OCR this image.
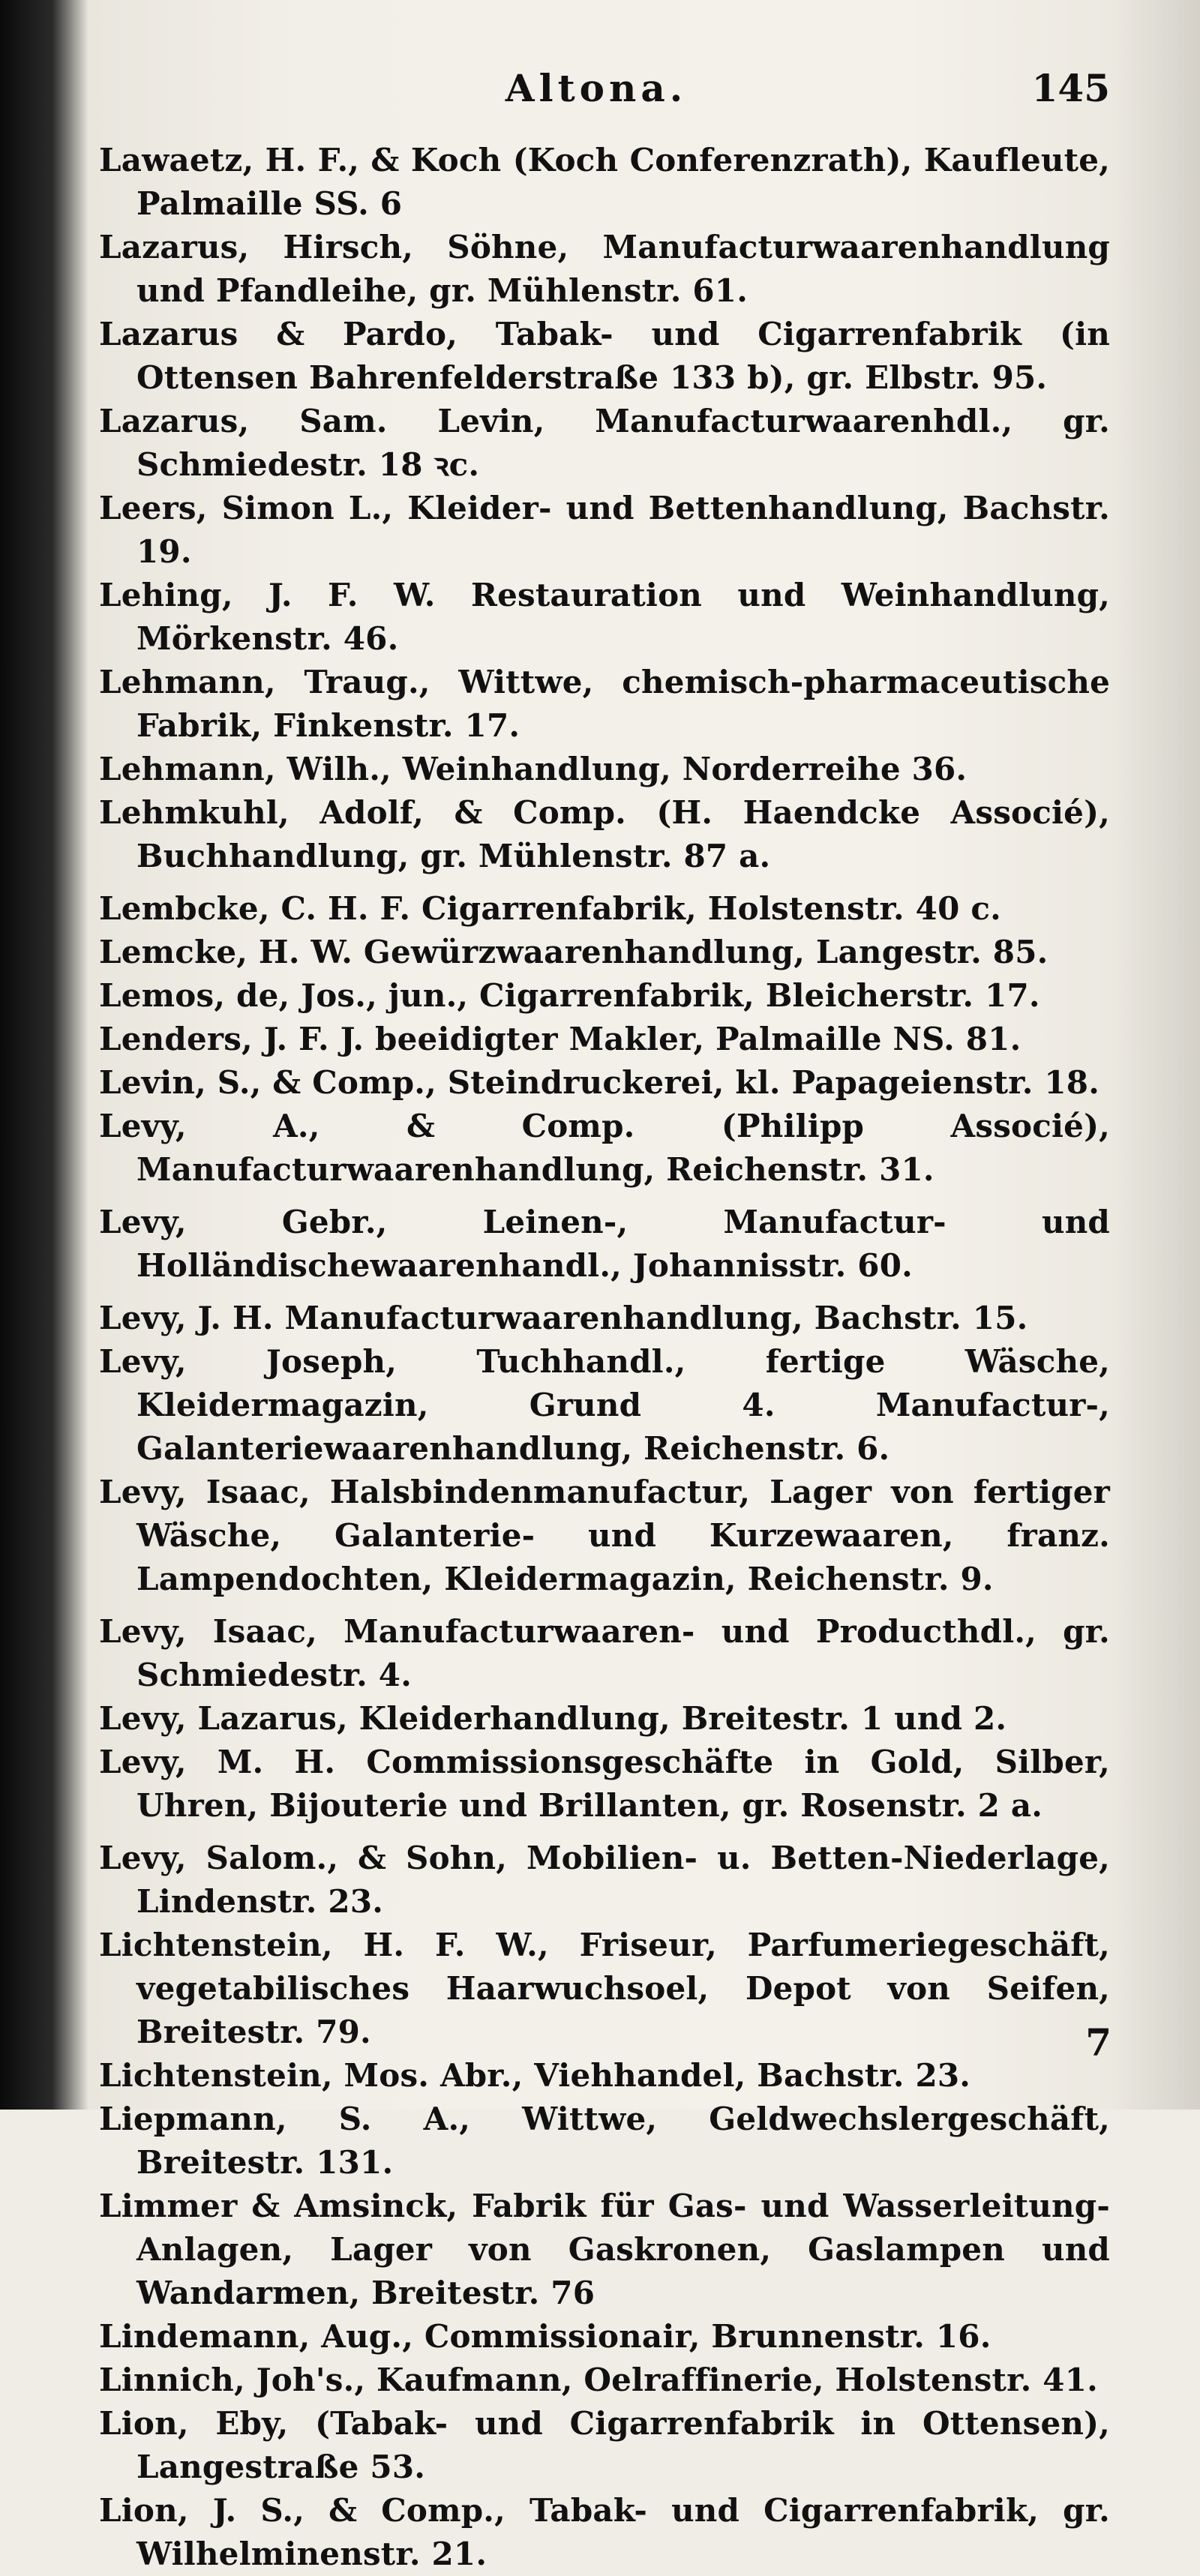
Altona.	145
Lawaetz, H. F., & Koch (Koch Conferenzrath), Kaufleute, Palmaille SS. 6
Lazarus, Hirsch, Söhne, Manufacturwaarenhandlung und Pfandleihe, gr. Mühlenstr. 61.
Lazarus & Pardo, Tabak- und Cigarrenfabrik (in Ottensen Bahrenfelderstraße 133 b), gr. Elbstr. 95.
Lazarus, Sam. Levin, Manufacturwaarenhdl., gr. Schmiedestr. 18 ꝛc.
Leers, Simon L., Kleider- und Bettenhandlung, Bachstr. 19.
Lehing, J. F. W. Restauration und Weinhandlung, Mörkenstr. 46.
Lehmann, Traug., Wittwe, chemisch-pharmaceutische Fabrik, Finkenstr. 17.
Lehmann, Wilh., Weinhandlung, Norderreihe 36.
Lehmkuhl, Adolf, & Comp. (H. Haendcke Associé), Buchhandlung, gr. Mühlenstr. 87 a.
Lembcke, C. H. F. Cigarrenfabrik, Holstenstr. 40 c.
Lemcke, H. W. Gewürzwaarenhandlung, Langestr. 85.
Lemos, de, Jos., jun., Cigarrenfabrik, Bleicherstr. 17.
Lenders, J. F. J. beeidigter Makler, Palmaille NS. 81.
Levin, S., & Comp., Steindruckerei, kl. Papageienstr. 18.
Levy, A., & Comp. (Philipp Associé), Manufacturwaarenhandlung, Reichenstr. 31.
Levy, Gebr., Leinen-, Manufactur- und Holländischewaarenhandl., Johannisstr. 60.
Levy, J. H. Manufacturwaarenhandlung, Bachstr. 15.
Levy, Joseph, Tuchhandl., fertige Wäsche, Kleidermagazin, Grund 4. Manufactur-, Galanteriewaarenhandlung, Reichenstr. 6.
Levy, Isaac, Halsbindenmanufactur, Lager von fertiger Wäsche, Galanterie- und Kurzewaaren, franz. Lampendochten, Kleidermagazin, Reichenstr. 9.
Levy, Isaac, Manufacturwaaren- und Producthdl., gr. Schmiedestr. 4.
Levy, Lazarus, Kleiderhandlung, Breitestr. 1 und 2.
Levy, M. H. Commissionsgeschäfte in Gold, Silber, Uhren, Bijouterie und Brillanten, gr. Rosenstr. 2 a.
Levy, Salom., & Sohn, Mobilien- u. Betten-Niederlage, Lindenstr. 23.
Lichtenstein, H. F. W., Friseur, Parfumeriegeschäft, vegetabilisches Haarwuchsoel, Depot von Seifen, Breitestr. 79.
Lichtenstein, Mos. Abr., Viehhandel, Bachstr. 23.
Liepmann, S. A., Wittwe, Geldwechslergeschäft, Breitestr. 131.
Limmer & Amsinck, Fabrik für Gas- und Wasserleitung-Anlagen, Lager von Gaskronen, Gaslampen und Wandarmen, Breitestr. 76
Lindemann, Aug., Commissionair, Brunnenstr. 16.
Linnich, Joh's., Kaufmann, Oelraffinerie, Holstenstr. 41.
Lion, Eby, (Tabak- und Cigarrenfabrik in Ottensen), Langestraße 53.
Lion, J. S., & Comp., Tabak- und Cigarrenfabrik, gr. Wilhelminenstr. 21.
7
